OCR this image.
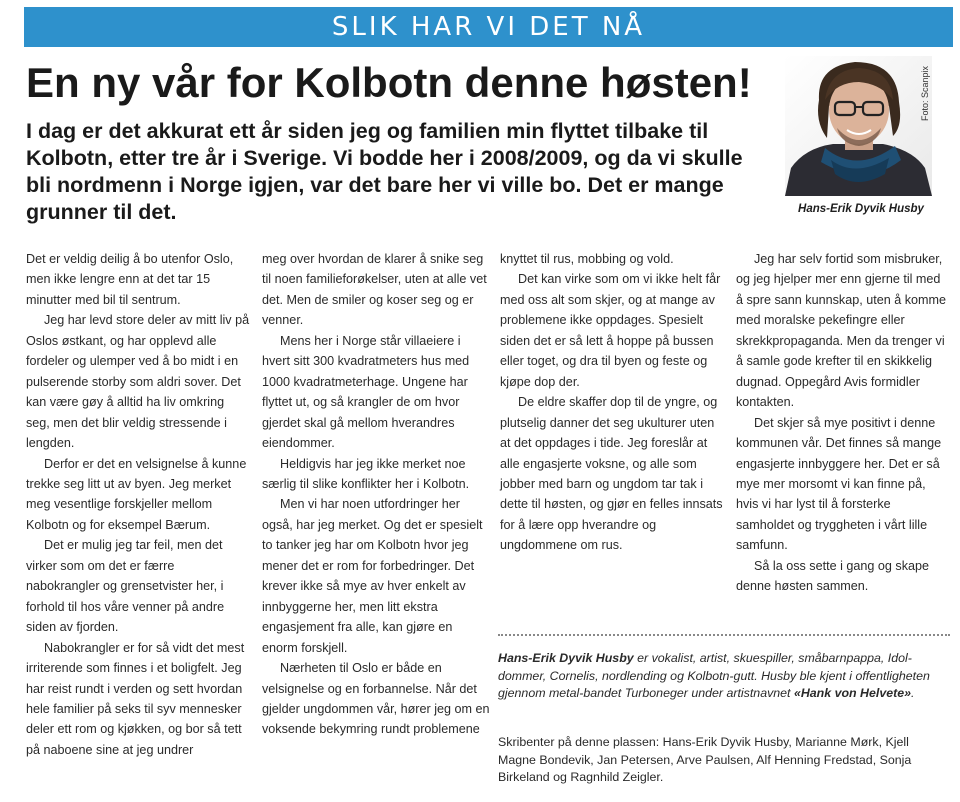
SLIK HAR VI DET NÅ
En ny vår for Kolbotn denne høsten!
I dag er det akkurat ett år siden jeg og familien min flyttet tilbake til Kolbotn, etter tre år i Sverige. Vi bodde her i 2008/2009, og da vi skulle bli nordmenn i Norge igjen, var det bare her vi ville bo. Det er mange grunner til det.
Foto: Scanpix
Hans-Erik Dyvik Husby

Det er veldig deilig å bo utenfor Oslo, men ikke lengre enn at det tar 15 minutter med bil til sentrum.

Jeg har levd store deler av mitt liv på Oslos østkant, og har opplevd alle fordeler og ulemper ved å bo midt i en pulserende storby som aldri sover. Det kan være gøy å alltid ha liv omkring seg, men det blir veldig stressende i lengden.

Derfor er det en velsignelse å kunne trekke seg litt ut av byen. Jeg merket meg vesentlige forskjeller mellom Kolbotn og for eksempel Bærum.

Det er mulig jeg tar feil, men det virker som om det er færre nabokrangler og grensetvister her, i forhold til hos våre venner på andre siden av fjorden.

Nabokrangler er for så vidt det mest irriterende som finnes i et boligfelt. Jeg har reist rundt i verden og sett hvordan hele familier på seks til syv mennesker deler ett rom og kjøkken, og bor så tett på naboene sine at jeg undrer

meg over hvordan de klarer å snike seg til noen familieforøkelser, uten at alle vet det. Men de smiler og koser seg og er venner.

Mens her i Norge står villaeiere i hvert sitt 300 kvadratmeters hus med 1000 kvadratmeterhage. Ungene har flyttet ut, og så krangler de om hvor gjerdet skal gå mellom hverandres eiendommer.

Heldigvis har jeg ikke merket noe særlig til slike konflikter her i Kolbotn.

Men vi har noen utfordringer her også, har jeg merket. Og det er spesielt to tanker jeg har om Kolbotn hvor jeg mener det er rom for forbedringer. Det krever ikke så mye av hver enkelt av innbyggerne her, men litt ekstra engasjement fra alle, kan gjøre en enorm forskjell.

Nærheten til Oslo er både en velsignelse og en forbannelse. Når det gjelder ungdommen vår, hører jeg om en voksende bekymring rundt problemene

knyttet til rus, mobbing og vold.

Det kan virke som om vi ikke helt får med oss alt som skjer, og at mange av problemene ikke oppdages. Spesielt siden det er så lett å hoppe på bussen eller toget, og dra til byen og feste og kjøpe dop der.

De eldre skaffer dop til de yngre, og plutselig danner det seg ukulturer uten at det oppdages i tide. Jeg foreslår at alle engasjerte voksne, og alle som jobber med barn og ungdom tar tak i dette til høsten, og gjør en felles innsats for å lære opp hverandre og ungdommene om rus.

Jeg har selv fortid som misbruker, og jeg hjelper mer enn gjerne til med å spre sann kunnskap, uten å komme med moralske pekefingre eller skrekkpropaganda. Men da trenger vi å samle gode krefter til en skikkelig dugnad. Oppegård Avis formidler kontakten.

Det skjer så mye positivt i denne kommunen vår. Det finnes så mange engasjerte innbyggere her. Det er så mye mer morsomt vi kan finne på, hvis vi har lyst til å forsterke samholdet og tryggheten i vårt lille samfunn.

Så la oss sette i gang og skape denne høsten sammen.

Hans-Erik Dyvik Husby er vokalist, artist, skuespiller, småbarnpappa, Idol-dommer, Cornelis, nordlending og Kolbotn-gutt. Husby ble kjent i offentligheten gjennom metal-bandet Turboneger under artistnavnet «Hank von Helvete».
Skribenter på denne plassen: Hans-Erik Dyvik Husby, Marianne Mørk, Kjell Magne Bondevik, Jan Petersen, Arve Paulsen, Alf Henning Fredstad, Sonja Birkeland og Ragnhild Zeigler.
